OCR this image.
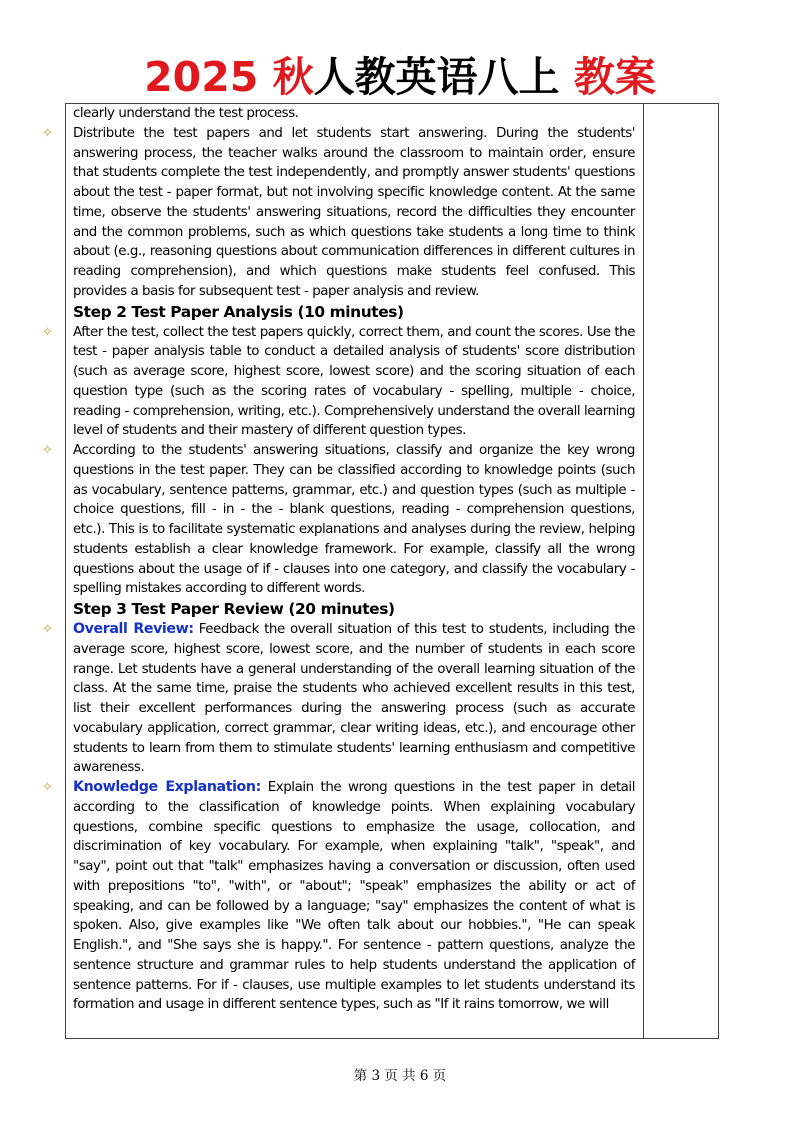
2025 秋人教英语八上 教案

clearly understand the test process.

✧ Distribute the test papers and let students start answering. During the students' answering process, the teacher walks around the classroom to maintain order, ensure that students complete the test independently, and promptly answer students' questions about the test - paper format, but not involving specific knowledge content. At the same time, observe the students' answering situations, record the difficulties they encounter and the common problems, such as which questions take students a long time to think about (e.g., reasoning questions about communication differences in different cultures in reading comprehension), and which questions make students feel confused. This provides a basis for subsequent test - paper analysis and review.

Step 2 Test Paper Analysis (10 minutes)

✧ After the test, collect the test papers quickly, correct them, and count the scores. Use the test - paper analysis table to conduct a detailed analysis of students' score distribution (such as average score, highest score, lowest score) and the scoring situation of each question type (such as the scoring rates of vocabulary - spelling, multiple - choice, reading - comprehension, writing, etc.). Comprehensively understand the overall learning level of students and their mastery of different question types.

✧ According to the students' answering situations, classify and organize the key wrong questions in the test paper. They can be classified according to knowledge points (such as vocabulary, sentence patterns, grammar, etc.) and question types (such as multiple - choice questions, fill - in - the - blank questions, reading - comprehension questions, etc.). This is to facilitate systematic explanations and analyses during the review, helping students establish a clear knowledge framework. For example, classify all the wrong questions about the usage of if - clauses into one category, and classify the vocabulary - spelling mistakes according to different words.

Step 3 Test Paper Review (20 minutes)

✧ Overall Review: Feedback the overall situation of this test to students, including the average score, highest score, lowest score, and the number of students in each score range. Let students have a general understanding of the overall learning situation of the class. At the same time, praise the students who achieved excellent results in this test, list their excellent performances during the answering process (such as accurate vocabulary application, correct grammar, clear writing ideas, etc.), and encourage other students to learn from them to stimulate students' learning enthusiasm and competitive awareness.

✧ Knowledge Explanation: Explain the wrong questions in the test paper in detail according to the classification of knowledge points. When explaining vocabulary questions, combine specific questions to emphasize the usage, collocation, and discrimination of key vocabulary. For example, when explaining "talk", "speak", and "say", point out that "talk" emphasizes having a conversation or discussion, often used with prepositions "to", "with", or "about"; "speak" emphasizes the ability or act of speaking, and can be followed by a language; "say" emphasizes the content of what is spoken. Also, give examples like "We often talk about our hobbies.", "He can speak English.", and "She says she is happy.". For sentence - pattern questions, analyze the sentence structure and grammar rules to help students understand the application of sentence patterns. For if - clauses, use multiple examples to let students understand its formation and usage in different sentence types, such as "If it rains tomorrow, we will

第 3 页 共 6 页
